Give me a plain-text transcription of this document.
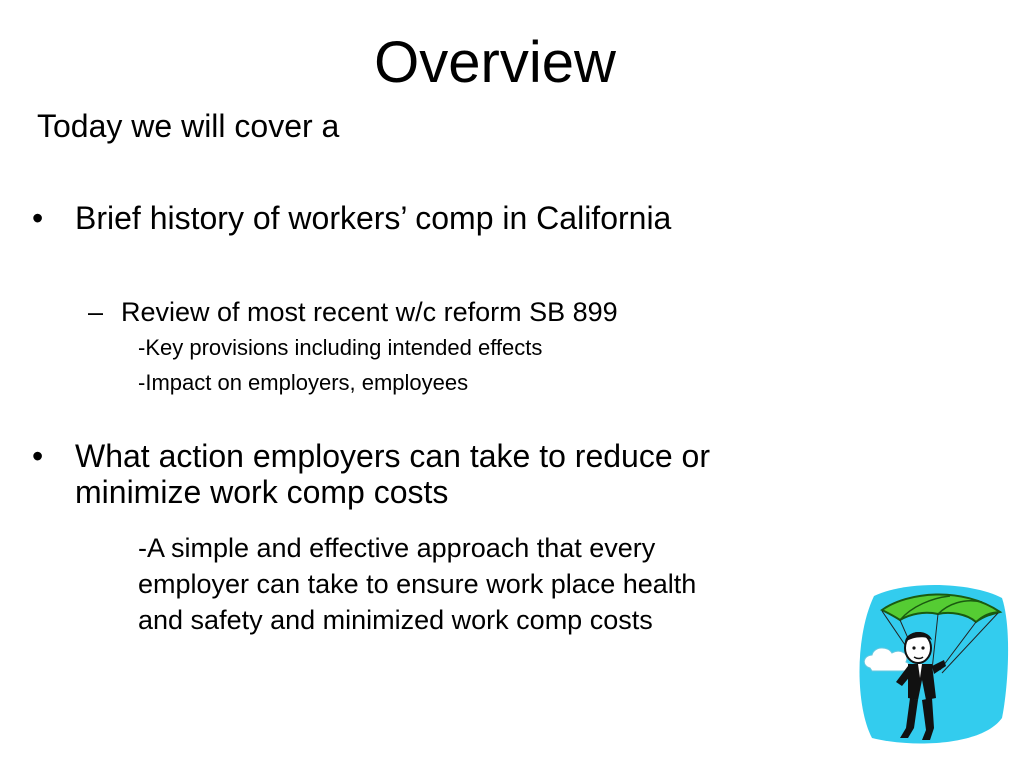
Overview
Today we will cover a
• Brief history of workers’ comp in California
– Review of most recent w/c reform SB 899
-Key provisions including intended effects
-Impact on employers, employees
• What action employers can take to reduce or
minimize work comp costs
-A simple and effective approach that every
employer can take to ensure work place health
and safety and minimized work comp costs
